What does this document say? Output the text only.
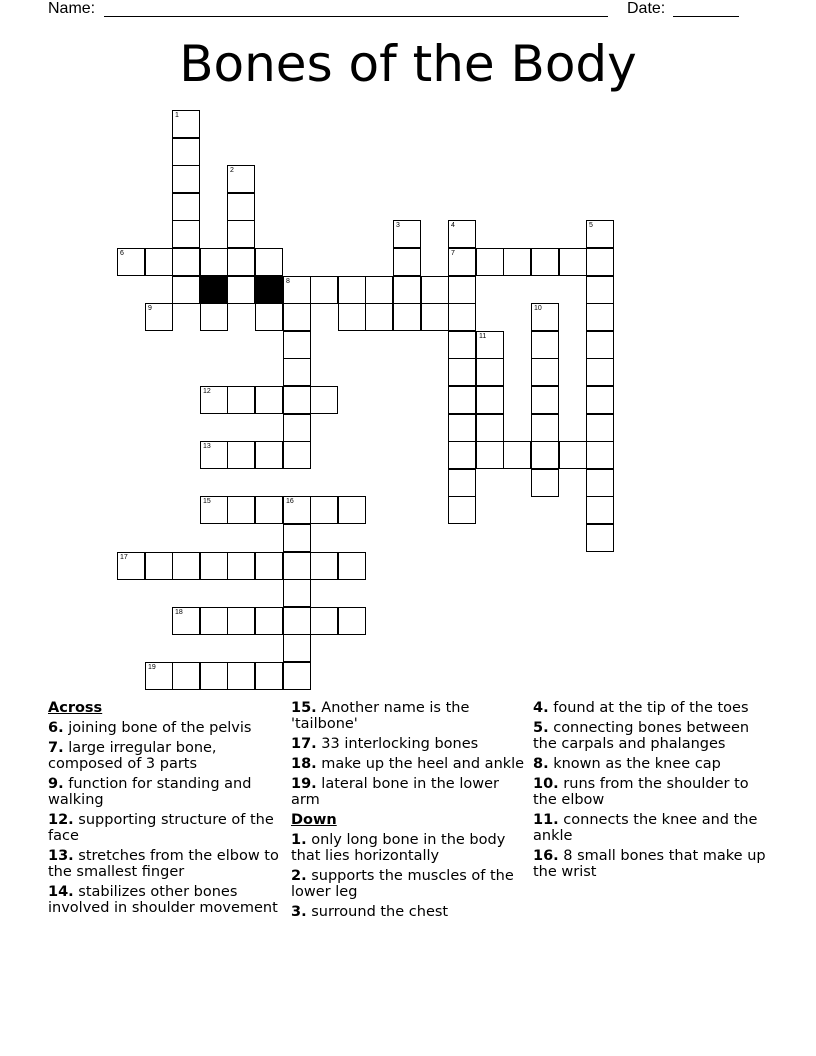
Name:	Date:
Bones of the Body
1
2
6
3	4
7
5
8
9	10
11
12
13
15	16
17
18
19
Across
6. joining bone of the pelvis
7. large irregular bone, composed of 3 parts
9. function for standing and walking
12. supporting structure of the face
13. stretches from the elbow to the smallest finger
14. stabilizes other bones involved in shoulder movement
15. Another name is the 'tailbone'
17. 33 interlocking bones
18. make up the heel and ankle
19. lateral bone in the lower arm
Down
1. only long bone in the body that lies horizontally
2. supports the muscles of the lower leg
3. surround the chest
4. found at the tip of the toes
5. connecting bones between the carpals and phalanges
8. known as the knee cap
10. runs from the shoulder to the elbow
11. connects the knee and the ankle
16. 8 small bones that make up the wrist
